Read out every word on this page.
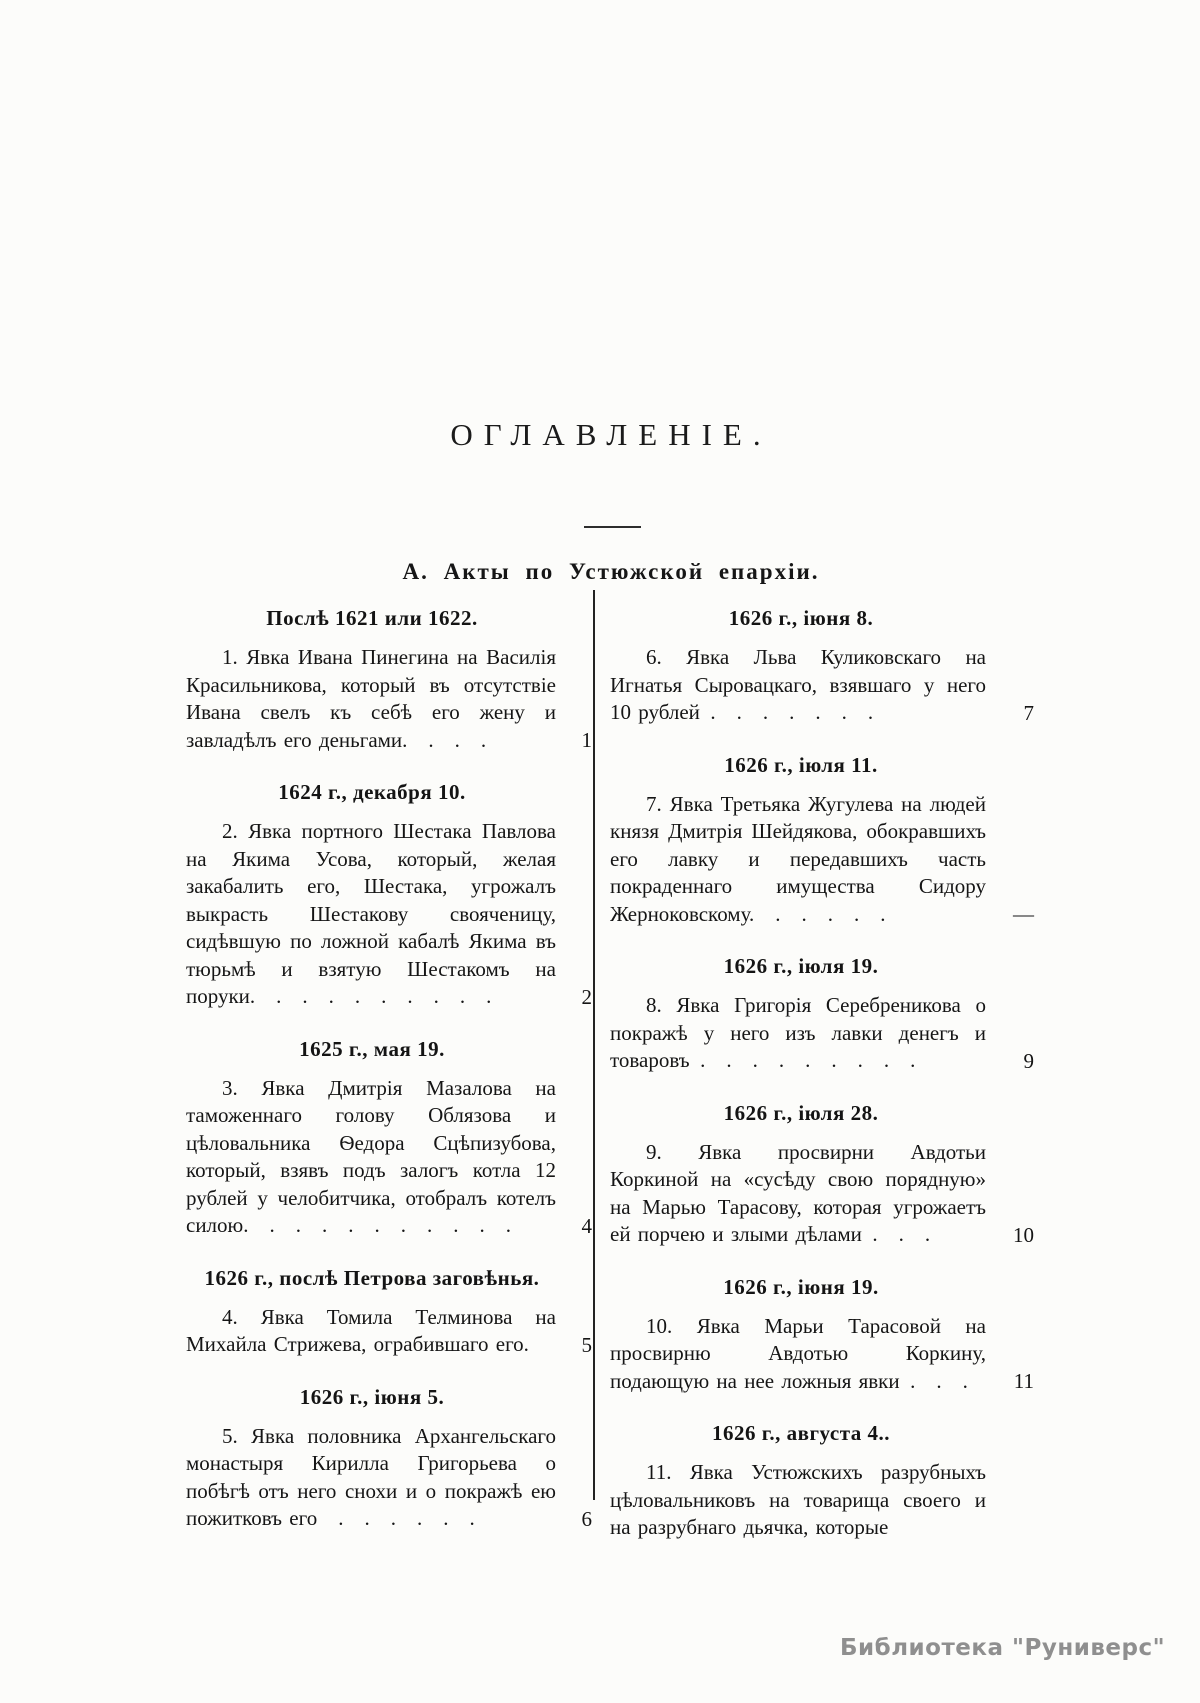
ОГЛАВЛЕНІЕ.
А. Акты по Устюжской епархіи.
Послѣ 1621 или 1622.

1. Явка Ивана Пинегина на Василія Красильникова, который въ отсутствіе Ивана свелъ къ себѣ его жену и завладѣлъ его деньгами.  .  .  .	1
1624 г., декабря 10.

2. Явка портного Шестака Павлова на Якима Усова, который, желая закабалить его, Шестака, угрожалъ выкрасть Шестакову свояченицу, сидѣвшую по ложной кабалѣ Якима въ тюрьмѣ и взятую Шестакомъ на поруки.  .  .  .  .  .  .  .  .  .	2
1625 г., мая 19.

3. Явка Дмитрія Мазалова на таможеннаго голову Облязова и цѣловальника Ѳедора Сцѣпизубова, который, взявъ подъ залогъ котла 12 рублей у челобитчика, отобралъ котелъ силою.  .  .  .  .  .  .  .  .  .  .	4
1626 г., послѣ Петрова заговѣнья.

4. Явка Томила Телминова на Михайла Стрижева, ограбившаго его.	5
1626 г., іюня 5.

5. Явка половника Архангельскаго монастыря Кирилла Григорьева о побѣгѣ отъ него снохи и о покражѣ ею пожитковъ его  .  .  .  .  .  .	6
1626 г., іюня 8.

6. Явка Льва Куликовскаго на Игнатья Сыровацкаго, взявшаго у него 10 рублей .  .  .  .  .  .  .	7
1626 г., іюля 11.

7. Явка Третьяка Жугулева на людей князя Дмитрія Шейдякова, обокравшихъ его лавку и передавшихъ часть покраденнаго имущества Сидору Жерноковскому.  .  .  .  .  .	—
1626 г., іюля 19.

8. Явка Григорія Серебреникова о покражѣ у него изъ лавки денегъ и товаровъ .  .  .  .  .  .  .  .  .	9
1626 г., іюля 28.

9. Явка просвирни Авдотьи Коркиной на «сусѣду свою порядную» на Марью Тарасову, которая угрожаетъ ей порчею и злыми дѣлами .  .  .	10
1626 г., іюня 19.

10. Явка Марьи Тарасовой на просвирню Авдотью Коркину, подающую на нее ложныя явки .  .  .	11
1626 г., августа 4..

11. Явка Устюжскихъ разрубныхъ цѣловальниковъ на товарища своего и на разрубнаго дьячка, которые

Библиотека "Руниверс"
